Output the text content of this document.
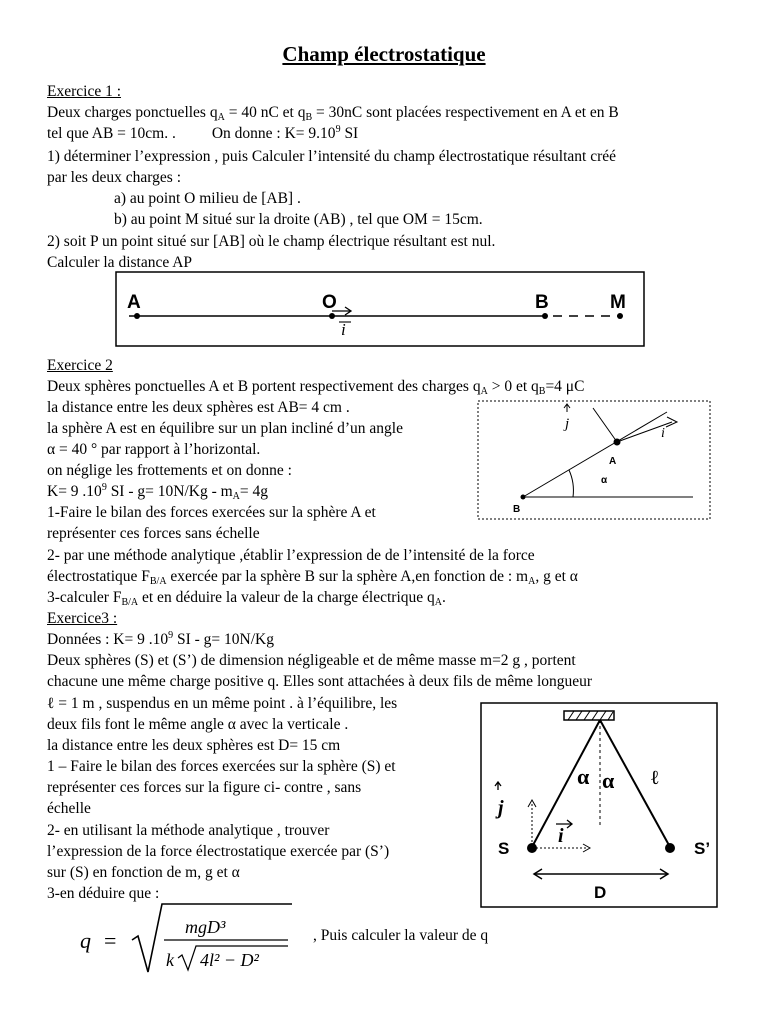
Champ électrostatique
Exercice 1 :
Deux charges ponctuelles $q_A = 40$ nC et $q_B = 30nC$ sont placées respectivement en A et en B
tel que AB = 10cm. . On donne : $K= 9.10^9$ SI
1) déterminer l’expression , puis Calculer l’intensité du champ électrostatique résultant créé
par les deux charges :
a) au point O milieu de [AB] .
b) au point M situé sur la droite (AB) , tel que OM = 15cm.
2) soit P un point situé sur [AB] où le champ électrique résultant est nul.
Calculer la distance AP
A	O	B	M
i
Exercice 2
Deux sphères ponctuelles A et B portent respectivement des charges $q_A > 0$ et $q_B=4$ μC
la distance entre les deux sphères est AB= 4 cm .
la sphère A est en équilibre sur un plan incliné d’un angle
α = 40 ° par rapport à l’horizontal.
on néglige les frottements et on donne :
K= 9 $.10^9$ SI - $g= 10N/Kg - m_A= 4g$
1-Faire le bilan des forces exercées sur la sphère A et
représenter ces forces sans échelle
2- par une méthode analytique ,établir l’expression de de l’intensité de la force
électrostatique $F_{B/A}$ exercée par la sphère B sur la sphère A,en fonction de : $m_A$, g et α
3-calculer $F_{B/A}$ et en déduire la valeur de la charge électrique $q_A$.
α
A
B
j
i
Exercice3 :
Données : K= 9 $.10^9$ SI - g= 10N/Kg
Deux sphères (S) et (S’) de dimension négligeable et de même masse m=2 g , portent
chacune une même charge positive q. Elles sont attachées à deux fils de même longueur
ℓ = 1 m , suspendus en un même point . à l’équilibre, les
deux fils font le même angle α avec la verticale .
la distance entre les deux sphères est D= 15 cm
1 – Faire le bilan des forces exercées sur la sphère (S) et
représenter ces forces sur la figure ci- contre , sans
échelle
2- en utilisant la méthode analytique , trouver
l’expression de la force électrostatique exercée par (S’)
sur (S) en fonction de m, g et α
3-en déduire que :
S	S’
α α ℓ
j
i
D
q =
mgD³
k 4l² − D²
, Puis calculer la valeur de q
